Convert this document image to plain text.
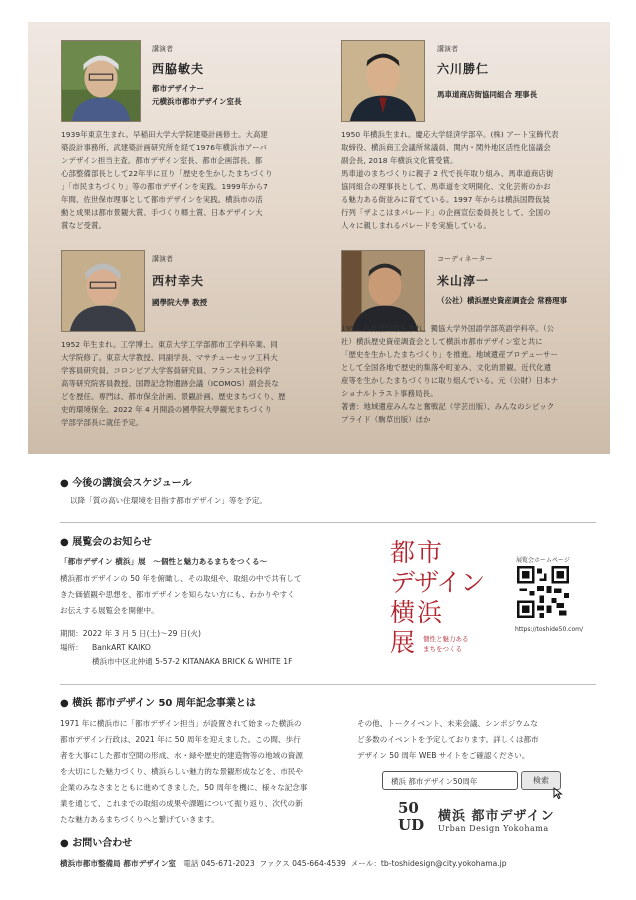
講演者
西脇敏夫
都市デザイナー
元横浜市都市デザイン室長
1939年東京生まれ。早稲田大学大学院建築計画修士。大高建
築設計事務所、武建築計画研究所を経て1976年横浜市アーバ
ンデザイン担当主査。都市デザイン室長、都市企画部長、都
心部整備部長として22年半に亘り「歴史を生かしたまちづくり
」「市民まちづくり」等の都市デザインを実践。1999年から7
年間、佐世保市理事として都市デザインを実践。横浜市の活
動と成果は都市景観大賞、手づくり郷土賞、日本デザイン大
賞など受賞。
講演者
六川勝仁
馬車道商店街協同組合 理事長
1950 年横浜生まれ。慶応大学経済学部卒。(株) アート宝飾代表
取締役、横浜商工会議所常議員、関内・関外地区活性化協議会
副会長, 2018 年横浜文化賞受賞。
馬車道のまちづくりに親子 2 代で長年取り組み、馬車道商店街
協同組合の理事長として、馬車道を文明開化、文化芸術のかお
る魅力ある街並みに育てている。1997 年からは横浜国際仮装
行列「ザよこはまパレード」の企画宣伝委員長として、全国の
人々に親しまれるパレードを実施している。
講演者
西村幸夫
國學院大學 教授
1952 年生まれ。工学博士。東京大学工学部都市工学科卒業、同
大学院修了。東京大学教授、同副学長、マサチューセッツ工科大
学客員研究員、コロンビア大学客員研究員、フランス社会科学
高等研究院客員教授、国際記念物遺跡会議（ICOMOS）副会長な
どを歴任。専門は、都市保全計画、景観計画、歴史まちづくり、歴
史的環境保全。2022 年 4 月開設の國學院大學観光まちづくり
学部学部長に就任予定。
コーディネーター
米山淳一
（公社）横浜歴史資産調査会 常務理事
1951 年神奈川県生まれ。獨協大学外国語学部英語学科卒。（公
社）横浜歴史資産調査会として横浜市都市デザイン室と共に
「歴史を生かしたまちづくり」を推進。地域遺産プロデューサー
として全国各地で歴史的集落や町並み、文化的景観、近代化遺
産等を生かしたまちづくりに取り組んでいる。元（公財）日本ナ
ショナルトラスト事務局長。
著書：地域遺産みんなと奮戦記（学芸出版）、みんなのシビック
プライド（駒草出版）ほか
● 今後の講演会スケジュール
以降「質の高い住環境を目指す都市デザイン」等を予定。
● 展覧会のお知らせ
「都市デザイン 横浜」展　～個性と魅力あるまちをつくる～
横浜都市デザインの 50 年を俯瞰し、その取組や、取組の中で共有して
きた価値観や思想を、都市デザインを知らない方にも、わかりやすく
お伝えする展覧会を開催中。
期間：2022 年 3 月 5 日(土)～29 日(火)
場所： BankART KAIKO
横浜市中区北仲通 5-57-2 KITANAKA BRICK & WHITE 1F
都市
デザイン
横浜
展 個性と魅力ある
まちをつくる
展覧会ホームページ
https://toshide50.com/
● 横浜 都市デザイン 50 周年記念事業とは
1971 年に横浜市に「都市デザイン担当」が設置されて始まった横浜の
都市デザイン行政は、2021 年に 50 周年を迎えました。この間、歩行
者を大事にした都市空間の形成、水・緑や歴史的建造物等の地域の資源
を大切にした魅力づくり、横浜らしい魅力的な景観形成などを、市民や
企業のみなさまとともに進めてきました。50 周年を機に、様々な記念事
業を通じて、これまでの取組の成果や課題について振り返り、次代の新
たな魅力あるまちづくりへと繋げていきます。
その他、トークイベント、未来会議、シンポジウムな
ど多数のイベントを予定しております。詳しくは都市
デザイン 50 周年 WEB サイトをご確認ください。
横浜 都市デザイン50周年	検索
50
UD	横浜 都市デザイン
Urban Design Yokohama
● お問い合わせ
横浜市都市整備局 都市デザイン室 電話 045-671-2023 ファクス 045-664-4539 メール：tb-toshidesign@city.yokohama.jp
